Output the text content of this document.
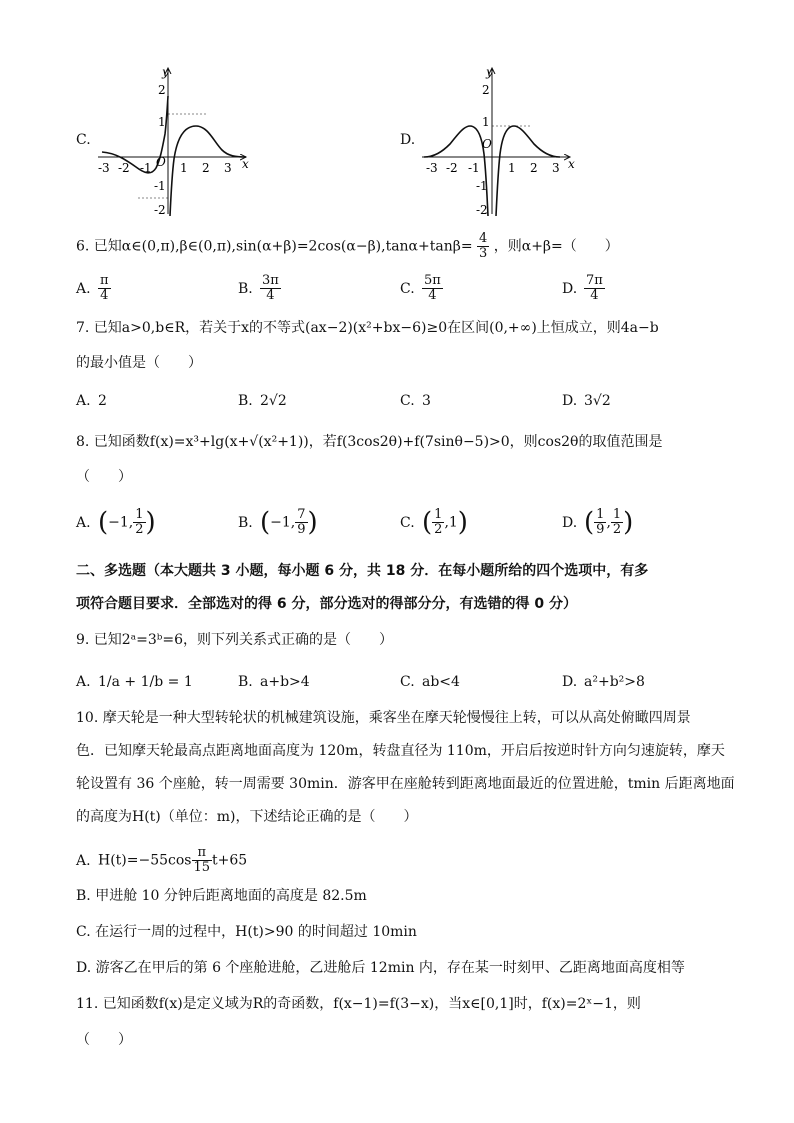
C.
y
2
1
-1
-2
-3 -2 -1 O 1 2 3 x
D.
y
2
1
O
-1
-2
-3 -2 -1 1 2 3 x
6. 已知α∈(0,π),β∈(0,π),sin(α+β)=2cos(α−β),tanα+tanβ= $\frac{4}{3}$ ，则α+β=（　　）
A. $\frac{\pi}{4}$	B. $\frac{3\pi}{4}$	C. $\frac{5\pi}{4}$	D. $\frac{7\pi}{4}$
7. 已知a>0,b∈R，若关于x的不等式(ax−2)(x²+bx−6)≥0在区间(0,+∞)上恒成立，则4a−b
的最小值是（　　）
A. 2	B. 2√2	C. 3	D. 3√2
8. 已知函数f(x)=x³+lg(x+√(x²+1))，若f(3cos2θ)+f(7sinθ−5)>0，则cos2θ的取值范围是
（　　）
A. (−1, $\frac{1}{2}$ )	B. (−1, $\frac{7}{9}$ )	C. ( $\frac{1}{2} ,1$)	D. ( $\frac{1}{9}$ , $\frac{1}{2}$ )
二、多选题（本大题共 3 小题，每小题 6 分，共 18 分．在每小题所给的四个选项中，有多
项符合题目要求．全部选对的得 6 分，部分选对的得部分分，有选错的得 0 分）
9. 已知2ᵃ=3ᵇ=6，则下列关系式正确的是（　　）
A. 1/a + 1/b = 1	B. a+b>4	C. ab<4	D. a²+b²>8
10. 摩天轮是一种大型转轮状的机械建筑设施，乘客坐在摩天轮慢慢往上转，可以从高处俯瞰四周景
色．已知摩天轮最高点距离地面高度为 120m，转盘直径为 110m，开启后按逆时针方向匀速旋转，摩天
轮设置有 36 个座舱，转一周需要 30min．游客甲在座舱转到距离地面最近的位置进舱，tmin 后距离地面
的高度为H(t)（单位：m)，下述结论正确的是（　　）
A. $H(t)=-55\cos \frac{\pi}{15} t+65$
B. 甲进舱 10 分钟后距离地面的高度是 82.5m
C. 在运行一周的过程中，H(t)>90 的时间超过 10min
D. 游客乙在甲后的第 6 个座舱进舱，乙进舱后 12min 内，存在某一时刻甲、乙距离地面高度相等
11. 已知函数f(x)是定义域为R的奇函数，f(x−1)=f(3−x)，当x∈[0,1]时，f(x)=2ˣ−1，则
（　　）
